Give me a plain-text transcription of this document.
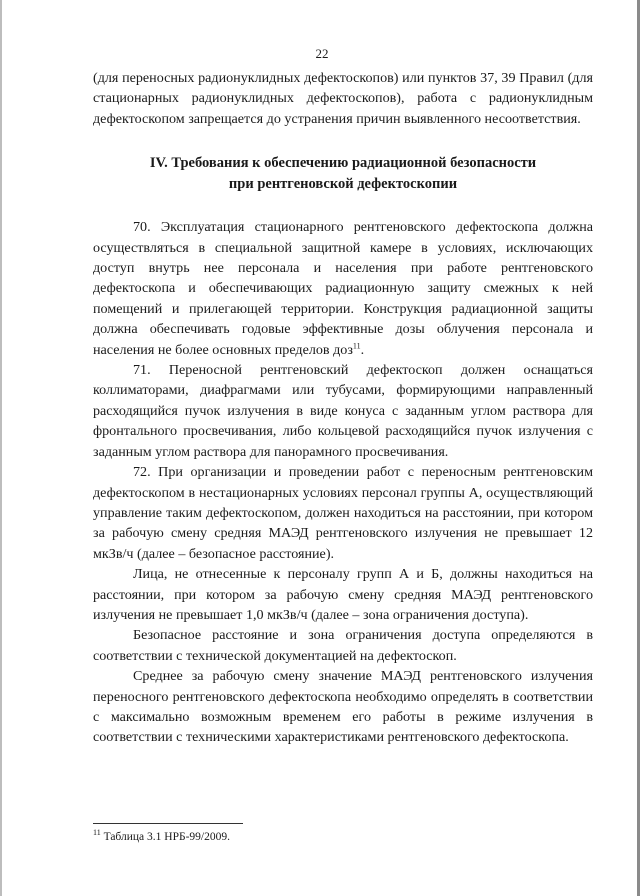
22

(для переносных радионуклидных дефектоскопов) или пунктов 37, 39 Правил (для стационарных радионуклидных дефектоскопов), работа с радионуклидным дефектоскопом запрещается до устранения причин выявленного несоответствия.

IV. Требования к обеспечению радиационной безопасности
при рентгеновской дефектоскопии

70. Эксплуатация стационарного рентгеновского дефектоскопа должна осуществляться в специальной защитной камере в условиях, исключающих доступ внутрь нее персонала и населения при работе рентгеновского дефектоскопа и обеспечивающих радиационную защиту смежных к ней помещений и прилегающей территории. Конструкция радиационной защиты должна обеспечивать годовые эффективные дозы облучения персонала и населения не более основных пределов доз$^{11}$.

71. Переносной рентгеновский дефектоскоп должен оснащаться коллиматорами, диафрагмами или тубусами, формирующими направленный расходящийся пучок излучения в виде конуса с заданным углом раствора для фронтального просвечивания, либо кольцевой расходящийся пучок излучения с заданным углом раствора для панорамного просвечивания.

72. При организации и проведении работ с переносным рентгеновским дефектоскопом в нестационарных условиях персонал группы А, осуществляющий управление таким дефектоскопом, должен находиться на расстоянии, при котором за рабочую смену средняя МАЭД рентгеновского излучения не превышает 12 мкЗв/ч (далее – безопасное расстояние).

Лица, не отнесенные к персоналу групп А и Б, должны находиться на расстоянии, при котором за рабочую смену средняя МАЭД рентгеновского излучения не превышает 1,0 мкЗв/ч (далее – зона ограничения доступа).

Безопасное расстояние и зона ограничения доступа определяются в соответствии с технической документацией на дефектоскоп.

Среднее за рабочую смену значение МАЭД рентгеновского излучения переносного рентгеновского дефектоскопа необходимо определять в соответствии с максимально возможным временем его работы в режиме излучения в соответствии с техническими характеристиками рентгеновского дефектоскопа.

$^{11}$ Таблица 3.1 НРБ-99/2009.
